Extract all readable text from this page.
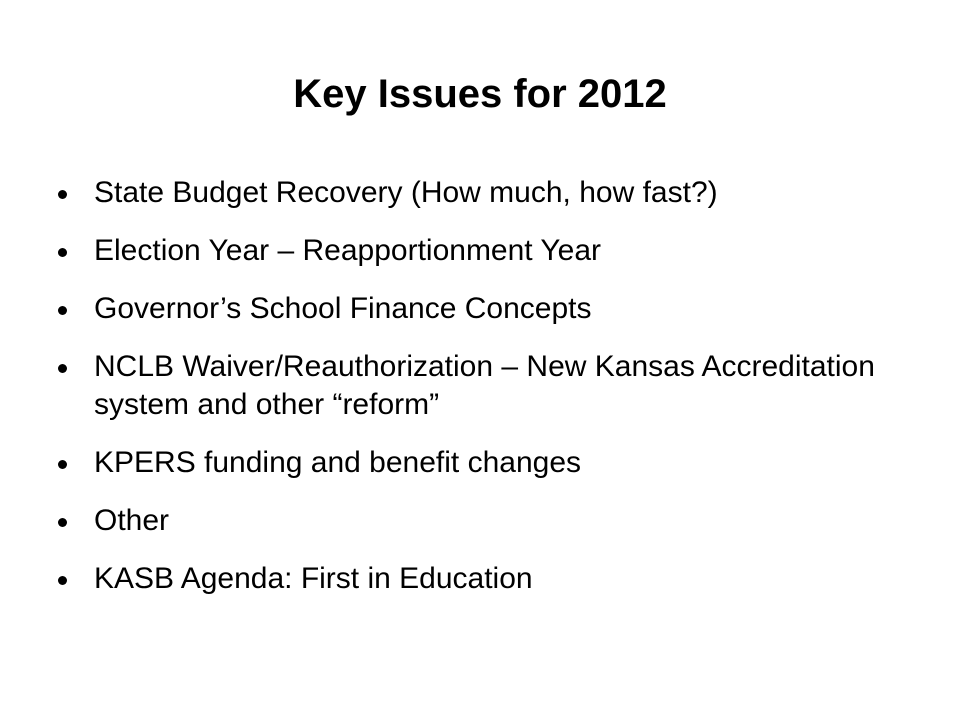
Key Issues for 2012
State Budget Recovery (How much, how fast?)
Election Year – Reapportionment Year
Governor’s School Finance Concepts
NCLB Waiver/Reauthorization – New Kansas Accreditation system and other “reform”
KPERS funding and benefit changes
Other
KASB Agenda: First in Education
